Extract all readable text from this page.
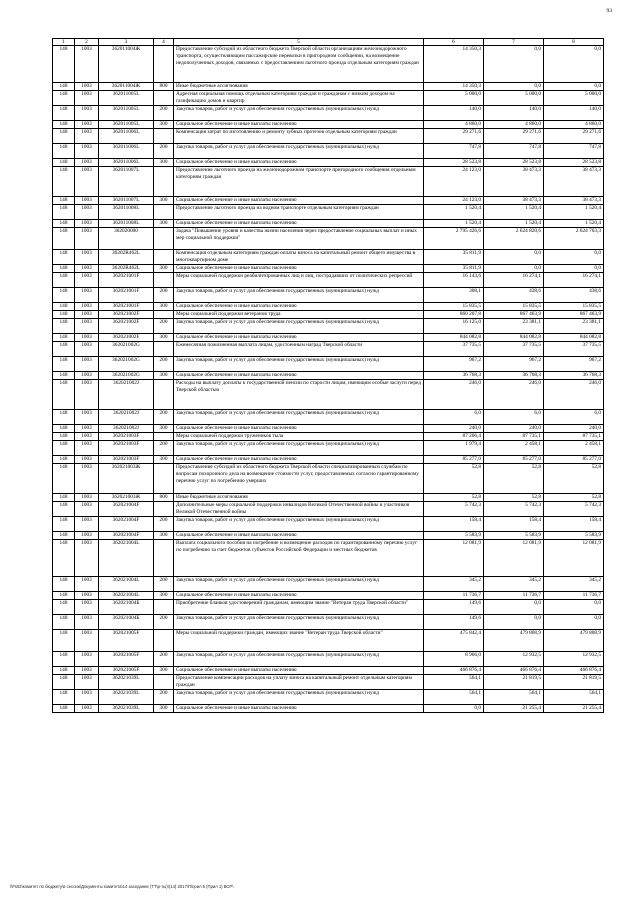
93
1	2	3	4	5	6	7	8
148	1003	362011004Ж		Предоставление субсидий из областного бюджета Тверской области организациям железнодорожного транспорта, осуществляющим пассажирские перевозки в пригородном сообщении, на возмещение недополученных доходов, связанных с предоставлением льготного проезда отдельным категориям граждан	14 350,3	0,0	0,0
148	1003	362011004Ж	800	Иные бюджетные ассигнования	14 350,3	0,0	0,0
148	1003	362011005L		Адресная социальная помощь отдельным категориям граждан и гражданам с низким доходом на газификацию домов и квартир	5 000,0	5 000,0	5 000,0
148	1003	362011005L	200	Закупка товаров, работ и услуг для обеспечения государственных (муниципальных) нужд	140,0	140,0	140,0
148	1003	362011005L	300	Социальное обеспечение и иные выплаты населению	4 860,0	4 860,0	4 860,0
148	1003	362011006L		Компенсация затрат по изготовлению и ремонту зубных протезов отдельным категориям граждан	29 271,6	29 271,6	29 271,6
148	1003	362011006L	200	Закупка товаров, работ и услуг для обеспечения государственных (муниципальных) нужд	747,8	747,8	747,8
148	1003	362011006L	300	Социальное обеспечение и иные выплаты населению	28 523,8	28 523,8	28 523,8
148	1003	362011007L		Предоставление льготного проезда на железнодорожном транспорте пригородного сообщения отдельным категориям граждан	24 123,0	38 473,3	38 473,3
148	1003	362011007L	300	Социальное обеспечение и иные выплаты населению	24 123,0	38 473,3	38 473,3
148	1003	362011008L		Предоставление льготного проезда на водном транспорте отдельным категориям граждан	1 520,4	1 520,4	1 520,4
148	1003	362011008L	300	Социальное обеспечение и иные выплаты населению	1 520,4	1 520,4	1 520,4
148	1003	362020000		Задача "Повышение уровня и качества жизни населения через предоставление социальных выплат и иных мер социальной поддержки"	2 795 426,6	2 624 820,6	2 624 703,3
148	1003	36202R462L		Компенсация отдельным категориям граждан оплаты взноса на капитальный ремонт общего имущества в многоквартирном доме	35 811,9	0,0	0,0
148	1003	36202R462L	300	Социальное обеспечение и иные выплаты населению	35 811,9	0,0	0,0
148	1003	362021001F		Меры социальной поддержки реабилитированных лиц и лиц, пострадавших от политических репрессий	16 143,6	16 274,1	16 274,1
148	1003	362021001F	200	Закупка товаров, работ и услуг для обеспечения государственных (муниципальных) нужд	308,1	438,6	438,6
148	1003	362021001F	300	Социальное обеспечение и иные выплаты населению	15 835,5	15 835,5	15 835,5
148	1003	362021002F		Меры социальной поддержки ветеранов труда	860 207,8	867 463,9	867 463,9
148	1003	362021002F	200	Закупка товаров, работ и услуг для обеспечения государственных (муниципальных) нужд	16 125,0	23 381,1	23 381,1
148	1003	362021002F	300	Социальное обеспечение и иные выплаты населению	844 082,8	844 082,8	844 082,8
148	1003	362021002G		Ежемесячная пожизненная выплата лицам, удостоенным наград Тверской области	37 735,5	37 735,5	37 735,5
148	1003	362021002G	200	Закупка товаров, работ и услуг для обеспечения государственных (муниципальных) нужд	967,2	967,2	967,2
148	1003	362021002G	300	Социальное обеспечение и иные выплаты населению	36 768,3	36 768,3	36 768,3
148	1003	362021002J		Расходы на выплату доплаты к государственной пенсии по старости лицам, имеющим особые заслуги перед Тверской областью	246,0	246,0	246,0
148	1003	362021002J	200	Закупка товаров, работ и услуг для обеспечения государственных (муниципальных) нужд	6,0	6,0	6,0
148	1003	362021002J	300	Социальное обеспечение и иные выплаты населению	240,0	240,0	240,0
148	1003	362021003F		Меры социальной поддержки тружеников тыла	87 206,4	87 735,1	87 735,1
148	1003	362021003F	200	Закупка товаров, работ и услуг для обеспечения государственных (муниципальных) нужд	1 979,4	2 458,1	2 458,1
148	1003	362021003F	300	Социальное обеспечение и иные выплаты населению	85 277,0	85 277,0	85 277,0
148	1003	362021003Ж		Предоставление субсидий из областного бюджета Тверской области специализированным службам по вопросам похоронного дела на возмещение стоимости услуг, предоставляемых согласно гарантированному перечню услуг по погребению умерших	52,8	52,8	52,8
148	1003	362021003Ж	800	Иные бюджетные ассигнования	52,8	52,8	52,8
148	1003	362021004F		Дополнительные меры социальной поддержки инвалидов Великой Отечественной войны и участников Великой Отечественной войны	5 742,3	5 742,3	5 742,3
148	1003	362021004F	200	Закупка товаров, работ и услуг для обеспечения государственных (муниципальных) нужд	158,4	158,4	158,4
148	1003	362021004F	300	Социальное обеспечение и иные выплаты населению	5 583,9	5 583,9	5 583,9
148	1003	362021004L		Выплата социального пособия на погребение и возмещение расходов по гарантированному перечню услуг по погребению за счет бюджетов субъектов Российской Федерации и местных бюджетов	12 081,9	12 081,9	12 081,9
148	1003	362021004L	200	Закупка товаров, работ и услуг для обеспечения государственных (муниципальных) нужд	345,2	345,2	345,2
148	1003	362021004L	300	Социальное обеспечение и иные выплаты населению	11 736,7	11 736,7	11 736,7
148	1003	362021004Б		Приобретение бланков удостоверений гражданам, имеющим звание "Ветеран труда Тверской области"	149,6	0,0	0,0
148	1003	362021004Б	200	Закупка товаров, работ и услуг для обеспечения государственных (муниципальных) нужд	149,6	0,0	0,0
148	1003	362021005F		Меры социальной поддержки граждан, имеющих звание "Ветеран труда Тверской области"	475 842,4	479 808,9	479 808,9
148	1003	362021005F	200	Закупка товаров, работ и услуг для обеспечения государственных (муниципальных) нужд	8 966,0	12 932,5	12 932,5
148	1003	362021005F	300	Социальное обеспечение и иные выплаты населению	466 876,4	466 876,4	466 876,4
148	1003	362021039L		Предоставление компенсации расходов на уплату взноса на капитальный ремонт отдельным категориям граждан	564,1	21 819,5	21 819,5
148	1003	362021039L	200	Закупка товаров, работ и услуг для обеспечения государственных (муниципальных) нужд	564,1	564,1	564,1
148	1003	362021039L	300	Социальное обеспечение и иные выплаты населению	0,0	21 255,4	21 255,4
\\Fs02\комитет по бюджету\в сессии\Документы комитета\14 заседание (ТТ\р-ты)\(14) 2017\П\прил 5 (Прил 1) ВСР\
